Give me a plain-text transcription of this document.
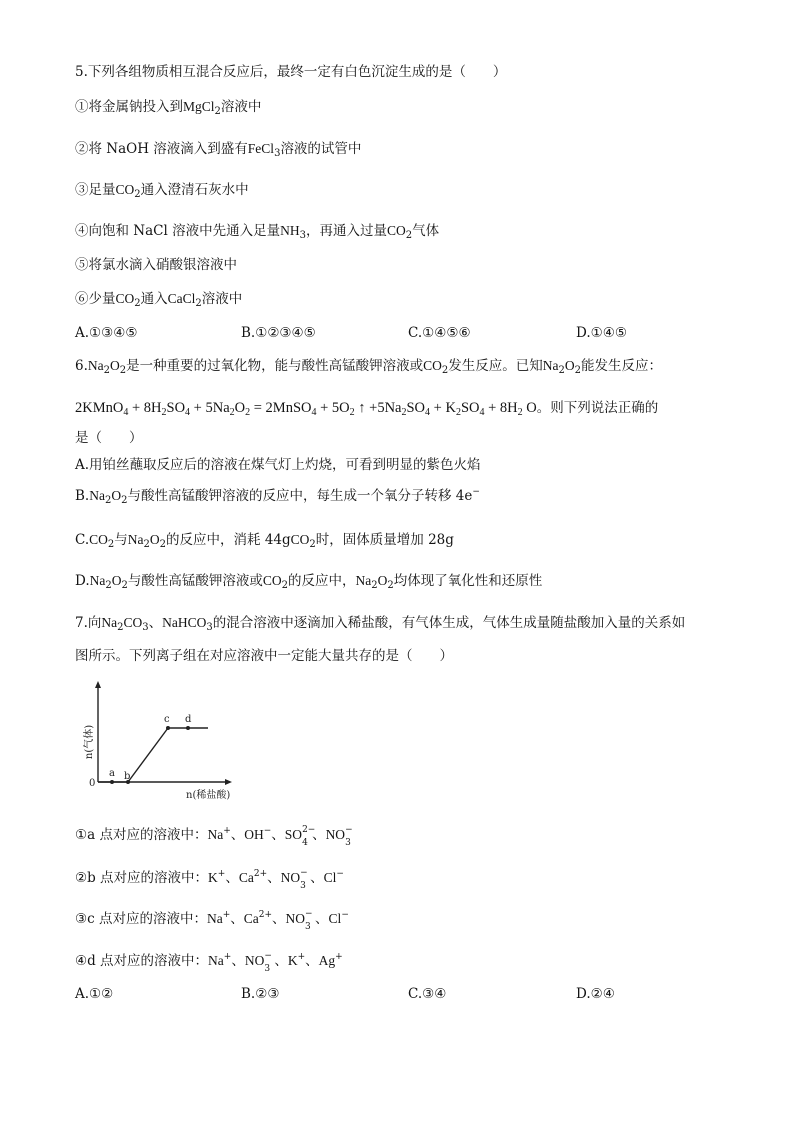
5.下列各组物质相互混合反应后，最终一定有白色沉淀生成的是（　　）
①将金属钠投入到MgCl$_2$溶液中
②将 NaOH 溶液滴入到盛有FeCl$_3$溶液的试管中
③足量$CO_2$通入澄清石灰水中
④向饱和 NaCl 溶液中先通入足量$NH_3$，再通入过量$CO_2$气体
⑤将氯水滴入硝酸银溶液中
⑥少量$CO_2$通入CaCl$_2$溶液中
A.①③④⑤	B.①②③④⑤	C.①④⑤⑥	D.①④⑤
$6.Na_2O_2$是一种重要的过氧化物，能与酸性高锰酸钾溶液或$CO_2$发生反应。已知$Na_2O_2$能发生反应：
2KMnO$_4$ + $8H_2SO_4 + 5Na_2O_2$ = 2MnSO$_4$ + $5O_2$ ↑ $+5Na_2SO_4 + K_2SO_4 + 8H_2$ O。则下列说法正确的
是（　　）
A.用铂丝蘸取反应后的溶液在煤气灯上灼烧，可看到明显的紫色火焰
$B.Na_2O_2$与酸性高锰酸钾溶液的反应中，每生成一个氧分子转移 4e−
$C.CO_2$与$Na_2O_2$的反应中，消耗 44gCO$_2$时，固体质量增加 28g
$D.Na_2O_2$与酸性高锰酸钾溶液或$CO_2$的反应中，$Na_2O_2$均体现了氧化性和还原性
7.向$Na_2CO_3$、NaHCO$_3$的混合溶液中逐滴加入稀盐酸，有气体生成，气体生成量随盐酸加入量的关系如
图所示。下列离子组在对应溶液中一定能大量共存的是（　　）
n(气体)
n(稀盐酸)
0
a b
c d
①a 点对应的溶液中：Na+、OH−、SO 2−
4 、NO −
3
②b 点对应的溶液中：K+、$Ca^{2+}$、NO −
3 、Cl−
③c 点对应的溶液中：Na+、$Ca^{2+}$、NO −
3 、Cl−
④d 点对应的溶液中：Na+、NO −
3 、K+、Ag+
A.①②	B.②③	C.③④	D.②④
